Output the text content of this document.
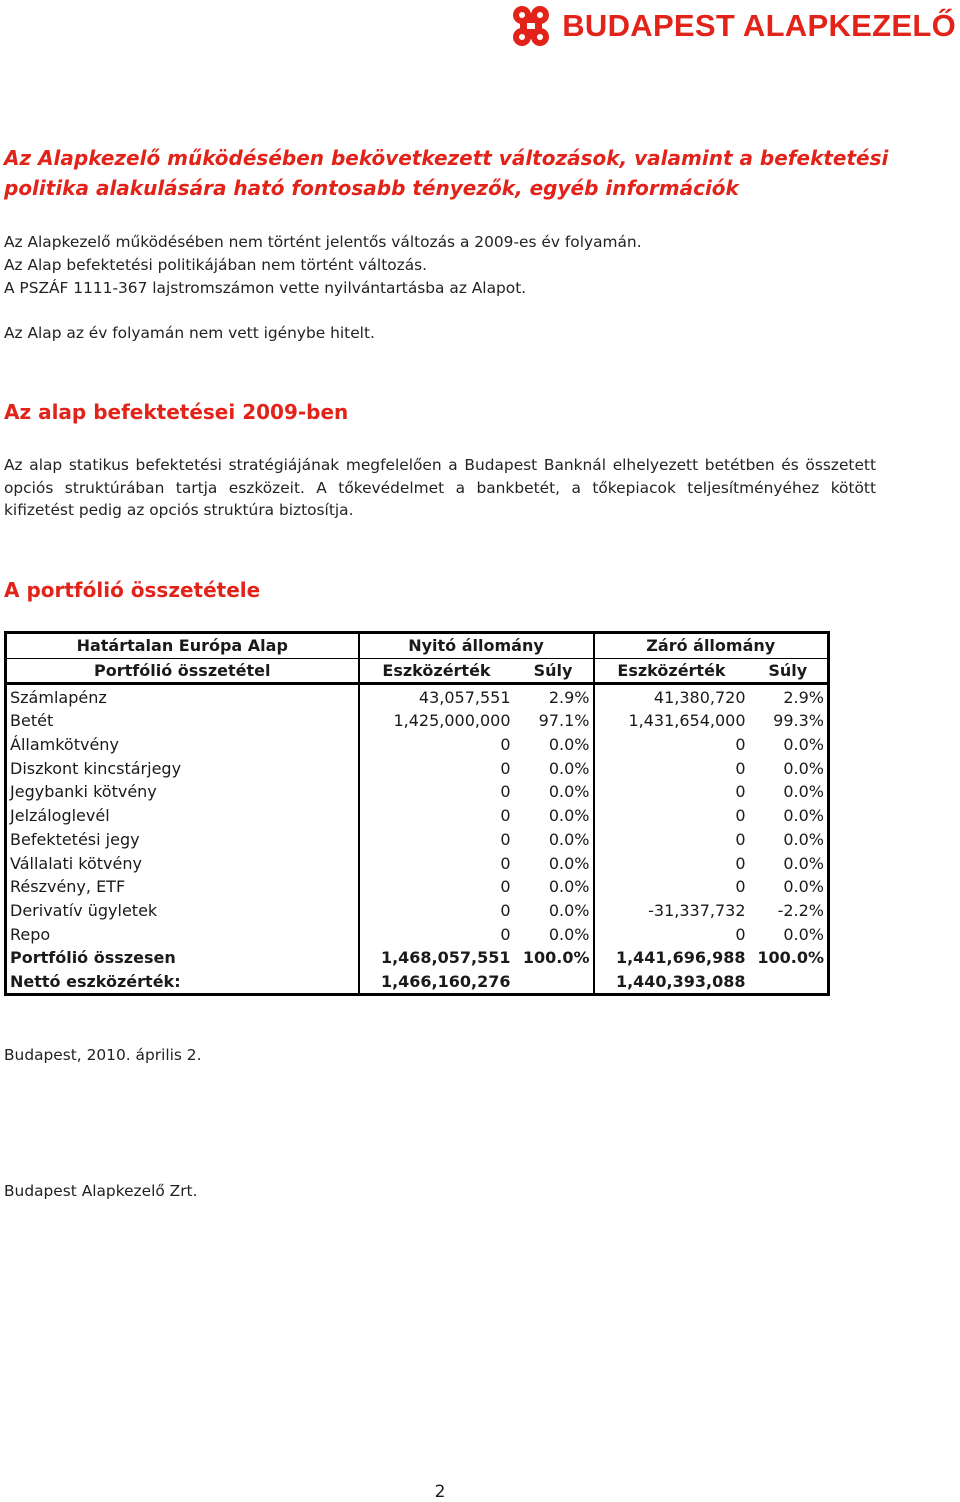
BUDAPEST ALAPKEZELŐ
Az Alapkezelő működésében bekövetkezett változások, valamint a befektetési politika alakulására ható fontosabb tényezők, egyéb információk
Az Alapkezelő működésében nem történt jelentős változás a 2009-es év folyamán.
Az Alap befektetési politikájában nem történt változás.
A PSZÁF 1111-367 lajstromszámon vette nyilvántartásba az Alapot.
Az Alap az év folyamán nem vett igénybe hitelt.
Az alap befektetései 2009-ben
Az alap statikus befektetési stratégiájának megfelelően a Budapest Banknál elhelyezett betétben és összetett opciós struktúrában tartja eszközeit. A tőkevédelmet a bankbetét, a tőkepiacok teljesítményéhez kötött kifizetést pedig az opciós struktúra biztosítja.
A portfólió összetétele
Határtalan Európa Alap	Nyitó állomány		Záró állomány	
Portfólió összetétel	Eszközérték	Súly	Eszközérték	Súly
Számlapénz	43,057,551	2.9%	41,380,720	2.9%
Betét	1,425,000,000	97.1%	1,431,654,000	99.3%
Államkötvény	0	0.0%	0	0.0%
Diszkont kincstárjegy	0	0.0%	0	0.0%
Jegybanki kötvény	0	0.0%	0	0.0%
Jelzáloglevél	0	0.0%	0	0.0%
Befektetési jegy	0	0.0%	0	0.0%
Vállalati kötvény	0	0.0%	0	0.0%
Részvény, ETF	0	0.0%	0	0.0%
Derivatív ügyletek	0	0.0%	-31,337,732	-2.2%
Repo	0	0.0%	0	0.0%
Portfólió összesen	1,468,057,551	100.0%	1,441,696,988	100.0%
Nettó eszközérték:	1,466,160,276		1,440,393,088	
Budapest, 2010. április 2.
Budapest Alapkezelő Zrt.
2
